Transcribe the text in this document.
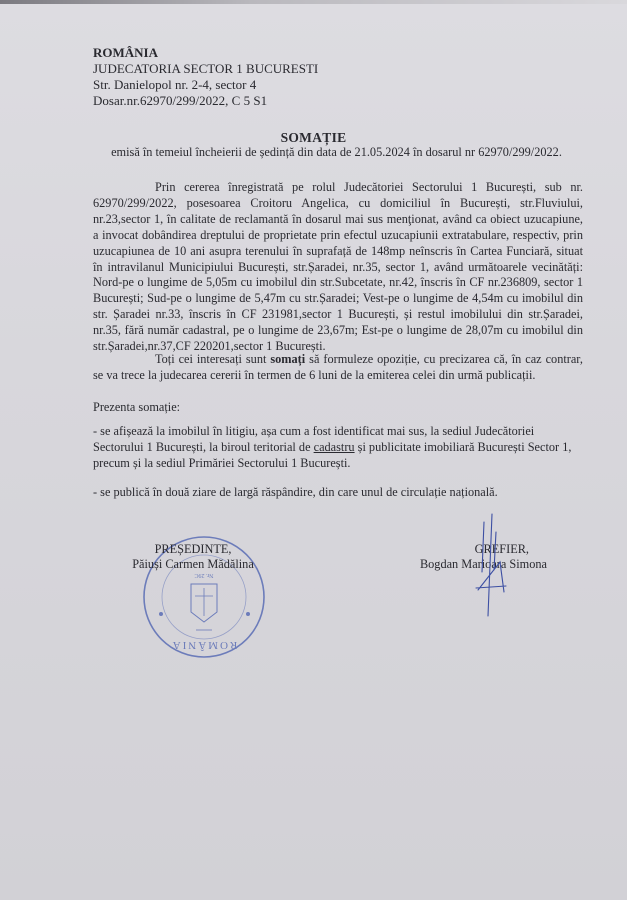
ROMÂNIA
JUDECATORIA SECTOR 1 BUCURESTI
Str. Danielopol nr. 2-4, sector 4
Dosar.nr.62970/299/2022, C 5 S1
SOMAȚIE
emisă în temeiul încheierii de ședință din data de 21.05.2024 în dosarul nr 62970/299/2022.
Prin cererea înregistrată pe rolul Judecătoriei Sectorului 1 București, sub nr. 62970/299/2022, posesoarea Croitoru Angelica, cu domiciliul în București, str.Fluviului, nr.23,sector 1, în calitate de reclamantă în dosarul mai sus menţionat, având ca obiect uzucapiune, a invocat dobândirea dreptului de proprietate prin efectul uzucapiunii extratabulare, respectiv, prin uzucapiunea de 10 ani asupra terenului în suprafață de 148mp neînscris în Cartea Funciară, situat în intravilanul Municipiului București, str.Șaradei, nr.35, sector 1, având următoarele vecinătăți: Nord-pe o lungime de 5,05m cu imobilul din str.Subcetate, nr.42, înscris în CF nr.236809, sector 1 București; Sud-pe o lungime de 5,47m cu str.Șaradei; Vest-pe o lungime de 4,54m cu imobilul din str. Șaradei nr.33, înscris în CF 231981,sector 1 București, și restul imobilului din str.Șaradei, nr.35, fără număr cadastral, pe o lungime de 23,67m; Est-pe o lungime de 28,07m cu imobilul din str.Șaradei,nr.37,CF 220201,sector 1 București.
Toți cei interesați sunt somați să formuleze opoziție, cu precizarea că, în caz contrar, se va trece la judecarea cererii în termen de 6 luni de la emiterea celei din urmă publicații.
Prezenta somație:
- se afișează la imobilul în litigiu, așa cum a fost identificat mai sus, la sediul Judecătoriei Sectorului 1 București, la biroul teritorial de cadastru și publicitate imobiliară București Sector 1, precum și la sediul Primăriei Sectorului 1 București.
- se publică în două ziare de largă răspândire, din care unul de circulație națională.
ROMÂNIA
Nr. 29C
PREȘEDINTE,
Păiuși Carmen Mădălina
GREFIER,
Bogdan Marioara Simona
